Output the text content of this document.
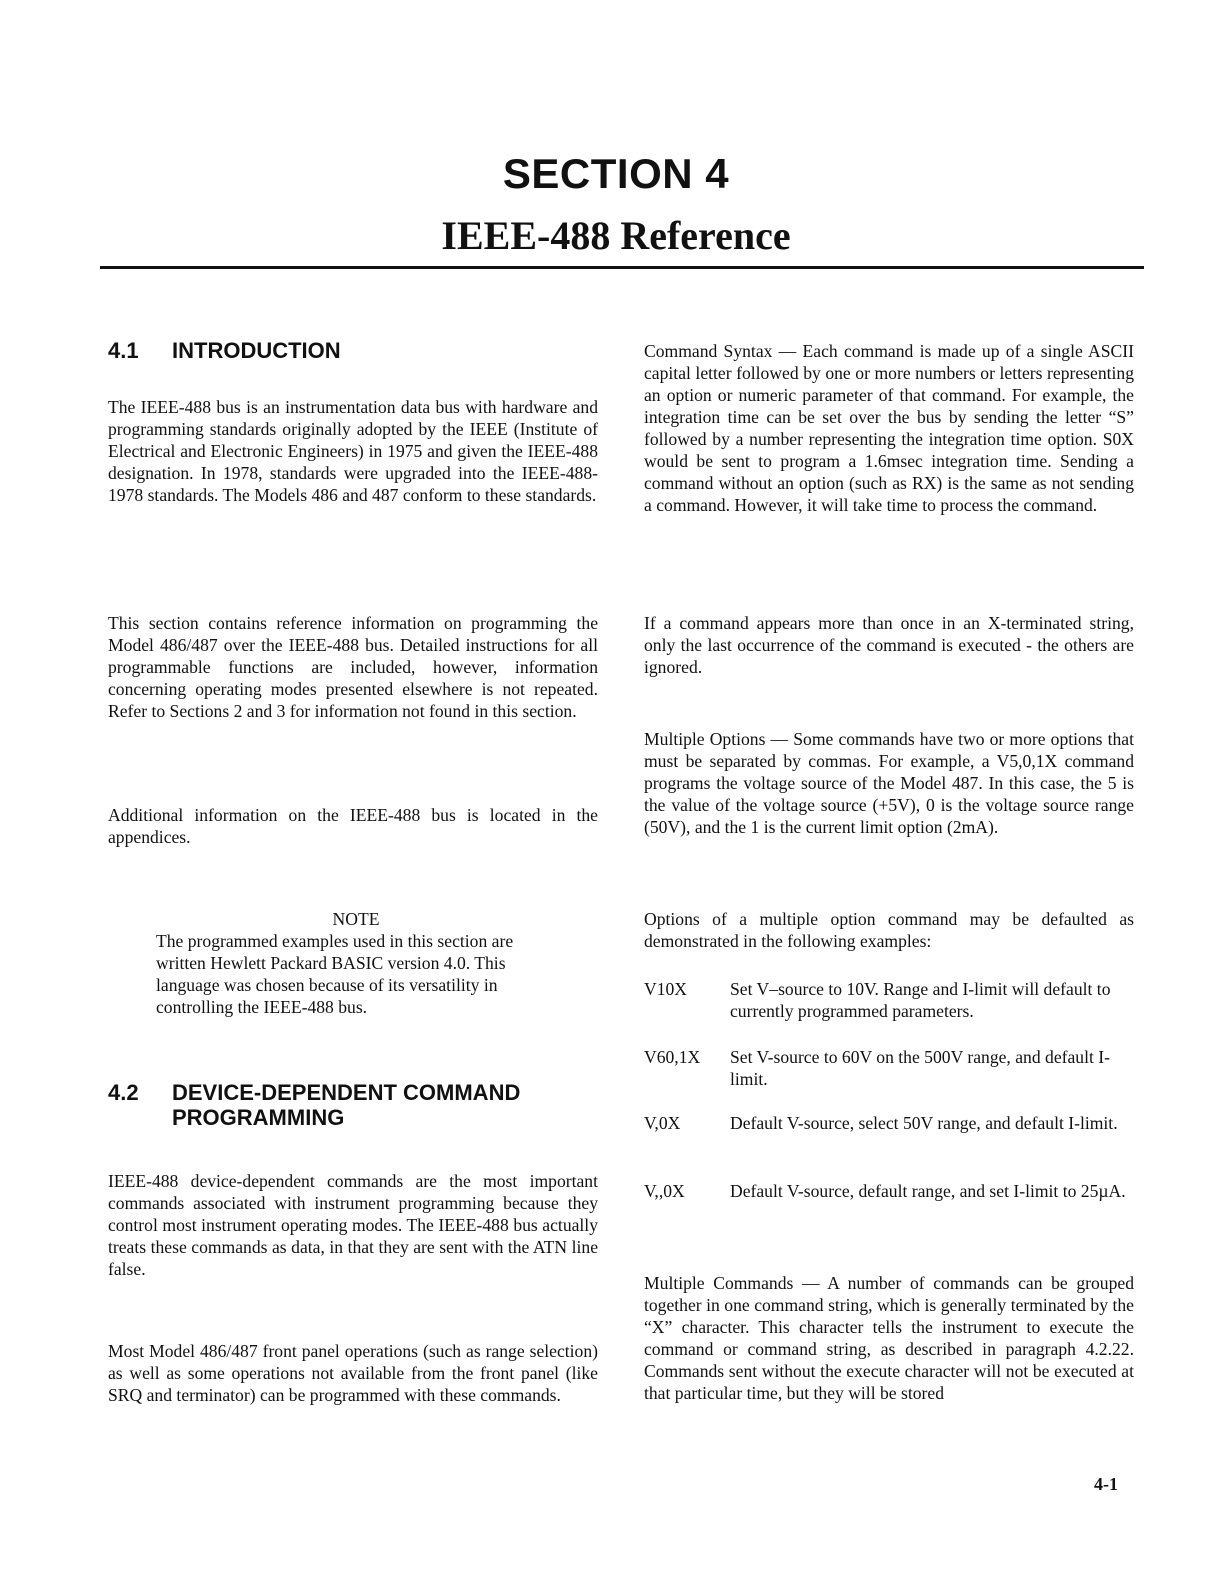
SECTION 4
IEEE-488 Reference
4.1 INTRODUCTION

The IEEE-488 bus is an instrumentation data bus with hardware and programming standards originally adopted by the IEEE (Institute of Electrical and Electronic Engineers) in 1975 and given the IEEE-488 designation. In 1978, standards were upgraded into the IEEE-488-1978 standards. The Models 486 and 487 conform to these standards.

This section contains reference information on programming the Model 486/487 over the IEEE-488 bus. Detailed instructions for all programmable functions are included, however, information concerning operating modes presented elsewhere is not repeated. Refer to Sections 2 and 3 for information not found in this section.

Additional information on the IEEE-488 bus is located in the appendices.

NOTE

The programmed examples used in this section are written Hewlett Packard BASIC version 4.0. This language was chosen because of its versatility in controlling the IEEE-488 bus.

4.2 DEVICE-DEPENDENT COMMAND
PROGRAMMING

IEEE-488 device-dependent commands are the most important commands associated with instrument programming because they control most instrument operating modes. The IEEE-488 bus actually treats these commands as data, in that they are sent with the ATN line false.

Most Model 486/487 front panel operations (such as range selection) as well as some operations not available from the front panel (like SRQ and terminator) can be programmed with these commands.

Command Syntax — Each command is made up of a single ASCII capital letter followed by one or more numbers or letters representing an option or numeric parameter of that command. For example, the integration time can be set over the bus by sending the letter “S” followed by a number representing the integration time option. S0X would be sent to program a 1.6msec integration time. Sending a command without an option (such as RX) is the same as not sending a command. However, it will take time to process the command.

If a command appears more than once in an X-terminated string, only the last occurrence of the command is executed - the others are ignored.

Multiple Options — Some commands have two or more options that must be separated by commas. For example, a V5,0,1X command programs the voltage source of the Model 487. In this case, the 5 is the value of the voltage source (+5V), 0 is the voltage source range (50V), and the 1 is the current limit option (2mA).

Options of a multiple option command may be defaulted as demonstrated in the following examples:

V10X	Set V–source to 10V. Range and I-limit will default to currently programmed parameters.
V60,1X	Set V-source to 60V on the 500V range, and default I-limit.
V,0X	Default V-source, select 50V range, and default I-limit.
V,,0X	Default V-source, default range, and set I-limit to 25µA.

Multiple Commands — A number of commands can be grouped together in one command string, which is generally terminated by the “X” character. This character tells the instrument to execute the command or command string, as described in paragraph 4.2.22. Commands sent without the execute character will not be executed at that particular time, but they will be stored

4-1
